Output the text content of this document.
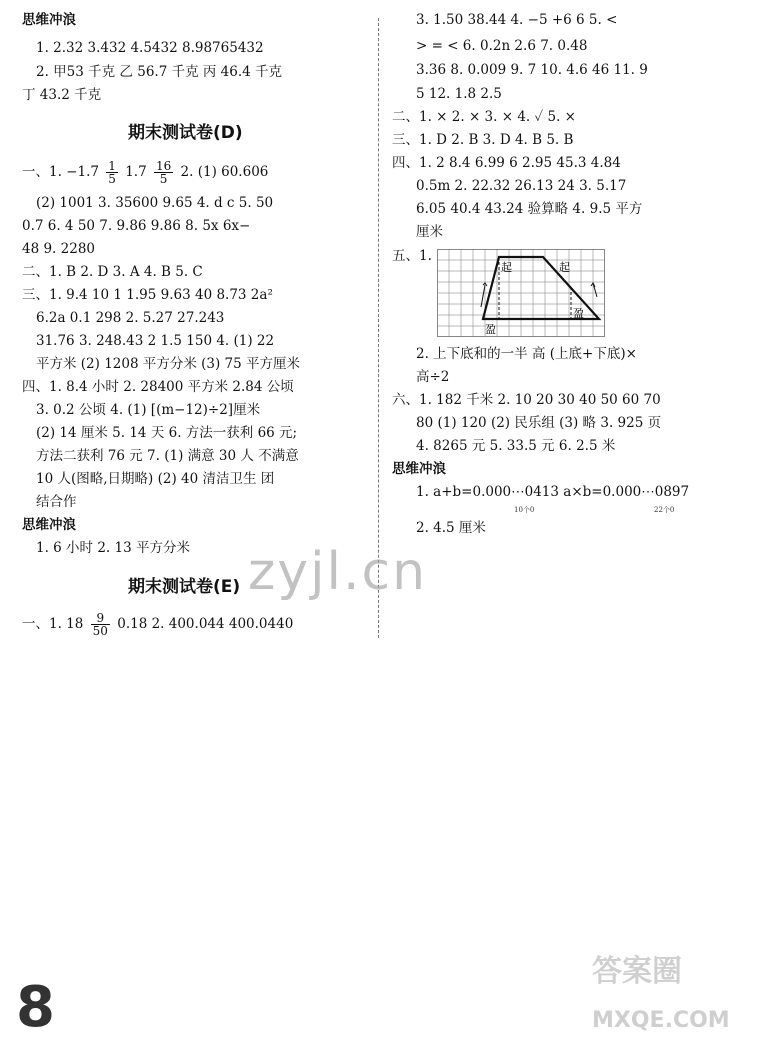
思维冲浪
1. 2.32 3.432 4.5432 8.98765432
2. 甲53 千克 乙 56.7 千克 丙 46.4 千克
丁 43.2 千克
期末测试卷(D)
一、1. $-1.7 \frac{1}{5} 1.7 \frac{16}{5} 2$. (1) 60.606
(2) 1001 3. 35600 9.65 4. d c 5. 50
0.7 6. 4 50 7. 9.86 9.86 8. 5x 6x−
48 9. 2280
二、1. B 2. D 3. A 4. B 5. C
三、1. 9.4 10 1 1.95 9.63 40 8.73 2a²
6.2a 0.1 298 2. 5.27 27.243
31.76 3. 248.43 2 1.5 150 4. (1) 22
平方米 (2) 1208 平方分米 (3) 75 平方厘米
四、1. 8.4 小时 2. 28400 平方米 2.84 公顷
3. 0.2 公顷 4. (1) [(m−12)÷2]厘米
(2) 14 厘米 5. 14 天 6. 方法一获利 66 元;
方法二获利 76 元 7. (1) 满意 30 人 不满意
10 人(图略,日期略) (2) 40 清洁卫生 团
结合作
思维冲浪
1. 6 小时 2. 13 平方分米
期末测试卷(E)
一、1. $18 \frac{9}{50} 0.18$ 2. 400.044 400.0440
3. 1.50 38.44 4. −5 +6 6 5. <
> = < 6. 0.2n 2.6 7. 0.48
3.36 8. 0.009 9. 7 10. 4.6 46 11. 9
5 12. 1.8 2.5
二、1. × 2. × 3. × 4. ✓ 5. ×
三、1. D 2. B 3. D 4. B 5. B
四、1. 2 8.4 6.99 6 2.95 45.3 4.84
0.5m 2. 22.32 26.13 24 3. 5.17
6.05 40.4 43.24 验算略 4. 9.5 平方
厘米
五、1.
2. 上下底和的一半 高 (上底+下底)×
高÷2
六、1. 182 千米 2. 10 20 30 40 50 60 70
80 (1) 120 (2) 民乐组 (3) 略 3. 925 页
4. 8265 元 5. 33.5 元 6. 2.5 米
思维冲浪
1. a+b=0.000⋯0413 a×b=0.000⋯0897
10个0	22个0
2. 4.5 厘米
起	起
盈
盈
zyjl.cn
8
答案圈
MXQE.COM
